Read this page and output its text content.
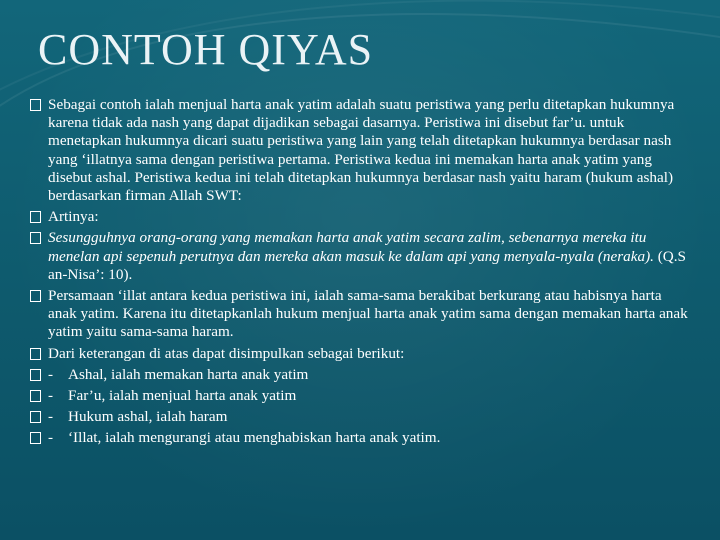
CONTOH QIYAS
Sebagai contoh ialah menjual harta anak yatim adalah suatu peristiwa yang perlu ditetapkan hukumnya karena tidak ada nash yang dapat dijadikan sebagai dasarnya. Peristiwa ini disebut far’u. untuk menetapkan hukumnya dicari suatu peristiwa yang lain yang telah ditetapkan hukumnya berdasar nash yang ‘illatnya sama dengan peristiwa pertama. Peristiwa kedua ini memakan harta anak yatim yang disebut ashal. Peristiwa kedua ini telah ditetapkan hukumnya berdasar nash yaitu haram (hukum ashal) berdasarkan firman Allah SWT:
Artinya:
Sesungguhnya orang-orang yang memakan harta anak yatim secara zalim, sebenarnya mereka itu menelan api sepenuh perutnya dan mereka akan masuk ke dalam api yang menyala-nyala (neraka). (Q.S an-Nisa’: 10).
Persamaan ‘illat antara kedua peristiwa ini, ialah sama-sama berakibat berkurang atau habisnya harta anak yatim. Karena itu ditetapkanlah hukum menjual harta anak yatim sama dengan memakan harta anak yatim yaitu sama-sama haram.
Dari keterangan di atas dapat disimpulkan sebagai berikut:
- Ashal, ialah memakan harta anak yatim
- Far’u, ialah menjual harta anak yatim
- Hukum ashal, ialah haram
- ‘Illat, ialah mengurangi atau menghabiskan harta anak yatim.
